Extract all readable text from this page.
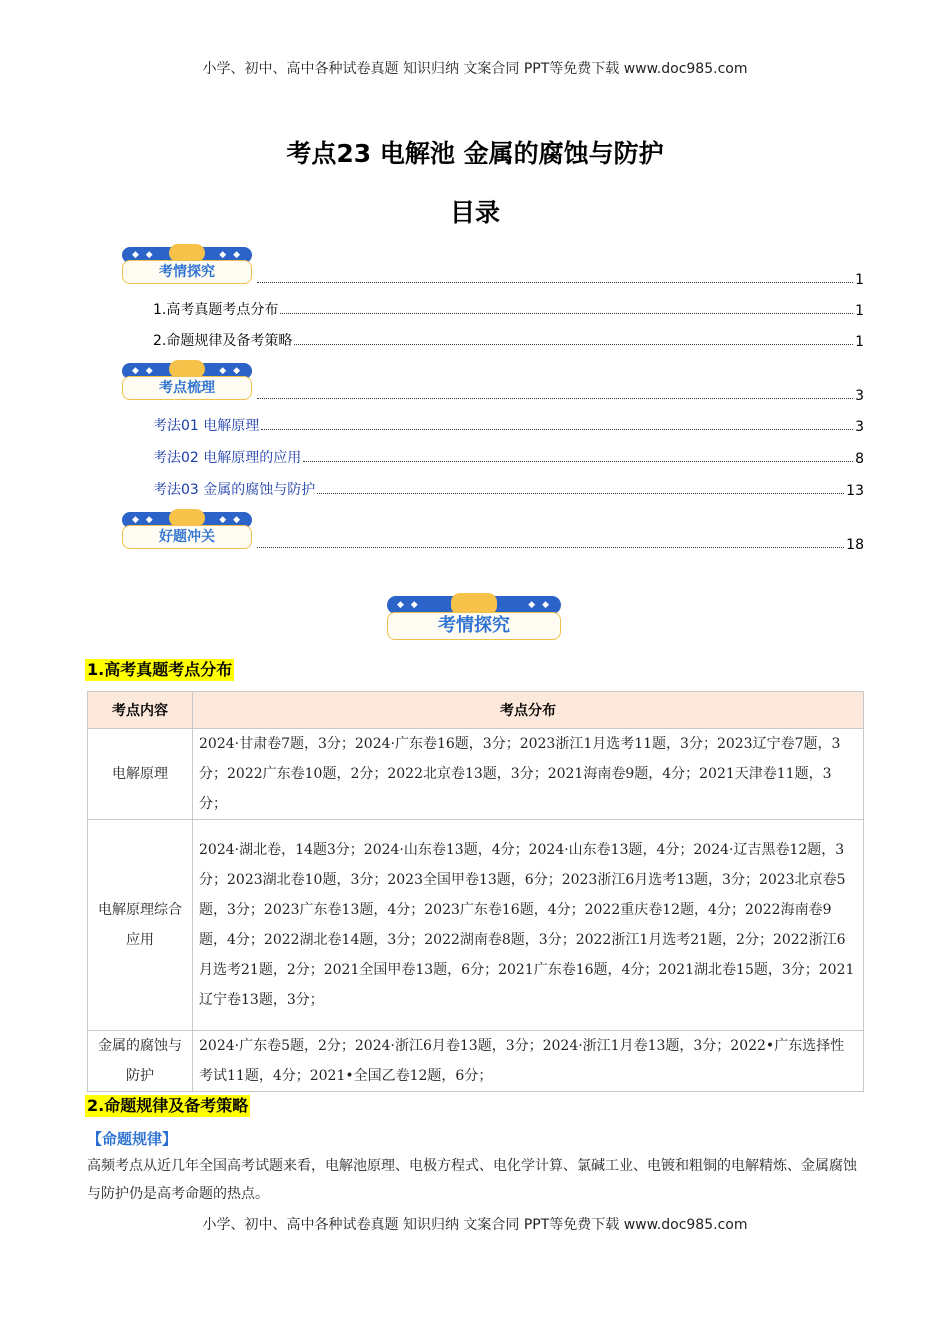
小学、初中、高中各种试卷真题 知识归纳 文案合同 PPT等免费下载 www.doc985.com
考点23 电解池 金属的腐蚀与防护
目录
◆ ◆	◆ ◆
考情探究	1
1.高考真题考点分布	1
2.命题规律及备考策略	1
◆ ◆	◆ ◆
考点梳理	3
考法01 电解原理	3
考法02 电解原理的应用	8
考法03 金属的腐蚀与防护	13
◆ ◆	◆ ◆
好题冲关	18
◆ ◆	◆ ◆
考情探究
1.高考真题考点分布
考点内容	考点分布
电解原理	2024·甘肃卷7题，3分；2024·广东卷16题，3分；2023浙江1月选考11题，3分；2023辽宁卷7题，3分；2022广东卷10题，2分；2022北京卷13题，3分；2021海南卷9题，4分；2021天津卷11题，3分；
电解原理综合应用	2024·湖北卷，14题3分；2024·山东卷13题，4分；2024·山东卷13题，4分；2024·辽吉黑卷12题，3分；2023湖北卷10题，3分；2023全国甲卷13题，6分；2023浙江6月选考13题，3分；2023北京卷5题，3分；2023广东卷13题，4分；2023广东卷16题，4分；2022重庆卷12题，4分；2022海南卷9题，4分；2022湖北卷14题，3分；2022湖南卷8题，3分；2022浙江1月选考21题，2分；2022浙江6月选考21题，2分；2021全国甲卷13题，6分；2021广东卷16题，4分；2021湖北卷15题，3分；2021辽宁卷13题，3分；
金属的腐蚀与防护	2024·广东卷5题，2分；2024·浙江6月卷13题，3分；2024·浙江1月卷13题，3分；2022•广东选择性考试11题，4分；2021•全国乙卷12题，6分；
2.命题规律及备考策略
【命题规律】
高频考点从近几年全国高考试题来看，电解池原理、电极方程式、电化学计算、氯碱工业、电镀和粗铜的电解精炼、金属腐蚀与防护仍是高考命题的热点。
小学、初中、高中各种试卷真题 知识归纳 文案合同 PPT等免费下载 www.doc985.com
